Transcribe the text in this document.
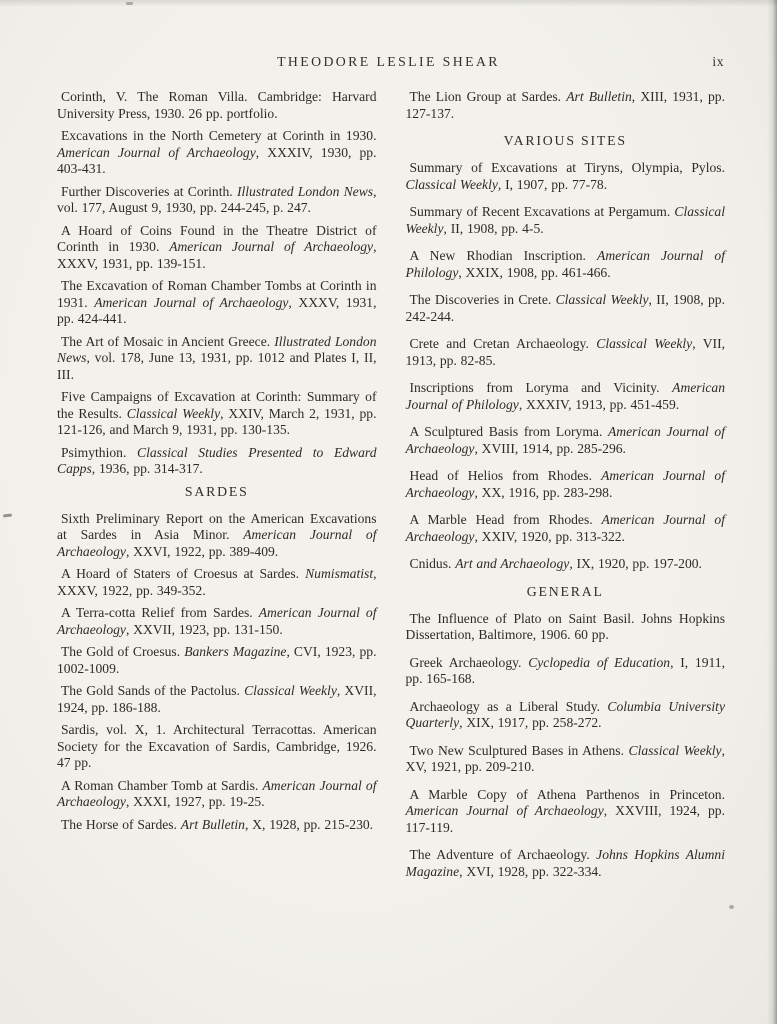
THEODORE LESLIE SHEAR	ix

Corinth, V. The Roman Villa. Cambridge: Harvard University Press, 1930. 26 pp. portfolio.

Excavations in the North Cemetery at Corinth in 1930. American Journal of Archaeology, XXXIV, 1930, pp. 403-431.

Further Discoveries at Corinth. Illustrated London News, vol. 177, August 9, 1930, pp. 244-245, p. 247.

A Hoard of Coins Found in the Theatre District of Corinth in 1930. American Journal of Archaeology, XXXV, 1931, pp. 139-151.

The Excavation of Roman Chamber Tombs at Corinth in 1931. American Journal of Archaeology, XXXV, 1931, pp. 424-441.

The Art of Mosaic in Ancient Greece. Illustrated London News, vol. 178, June 13, 1931, pp. 1012 and Plates I, II, III.

Five Campaigns of Excavation at Corinth: Summary of the Results. Classical Weekly, XXIV, March 2, 1931, pp. 121-126, and March 9, 1931, pp. 130-135.

Psimythion. Classical Studies Presented to Edward Capps, 1936, pp. 314-317.

SARDES

Sixth Preliminary Report on the American Excavations at Sardes in Asia Minor. American Journal of Archaeology, XXVI, 1922, pp. 389-409.

A Hoard of Staters of Croesus at Sardes. Numismatist, XXXV, 1922, pp. 349-352.

A Terra-cotta Relief from Sardes. American Journal of Archaeology, XXVII, 1923, pp. 131-150.

The Gold of Croesus. Bankers Magazine, CVI, 1923, pp. 1002-1009.

The Gold Sands of the Pactolus. Classical Weekly, XVII, 1924, pp. 186-188.

Sardis, vol. X, 1. Architectural Terracottas. American Society for the Excavation of Sardis, Cambridge, 1926. 47 pp.

A Roman Chamber Tomb at Sardis. American Journal of Archaeology, XXXI, 1927, pp. 19-25.

The Horse of Sardes. Art Bulletin, X, 1928, pp. 215-230.

The Lion Group at Sardes. Art Bulletin, XIII, 1931, pp. 127-137.

VARIOUS SITES

Summary of Excavations at Tiryns, Olympia, Pylos. Classical Weekly, I, 1907, pp. 77-78.

Summary of Recent Excavations at Pergamum. Classical Weekly, II, 1908, pp. 4-5.

A New Rhodian Inscription. American Journal of Philology, XXIX, 1908, pp. 461-466.

The Discoveries in Crete. Classical Weekly, II, 1908, pp. 242-244.

Crete and Cretan Archaeology. Classical Weekly, VII, 1913, pp. 82-85.

Inscriptions from Loryma and Vicinity. American Journal of Philology, XXXIV, 1913, pp. 451-459.

A Sculptured Basis from Loryma. American Journal of Archaeology, XVIII, 1914, pp. 285-296.

Head of Helios from Rhodes. American Journal of Archaeology, XX, 1916, pp. 283-298.

A Marble Head from Rhodes. American Journal of Archaeology, XXIV, 1920, pp. 313-322.

Cnidus. Art and Archaeology, IX, 1920, pp. 197-200.

GENERAL

The Influence of Plato on Saint Basil. Johns Hopkins Dissertation, Baltimore, 1906. 60 pp.

Greek Archaeology. Cyclopedia of Education, I, 1911, pp. 165-168.

Archaeology as a Liberal Study. Columbia University Quarterly, XIX, 1917, pp. 258-272.

Two New Sculptured Bases in Athens. Classical Weekly, XV, 1921, pp. 209-210.

A Marble Copy of Athena Parthenos in Princeton. American Journal of Archaeology, XXVIII, 1924, pp. 117-119.

The Adventure of Archaeology. Johns Hopkins Alumni Magazine, XVI, 1928, pp. 322-334.
